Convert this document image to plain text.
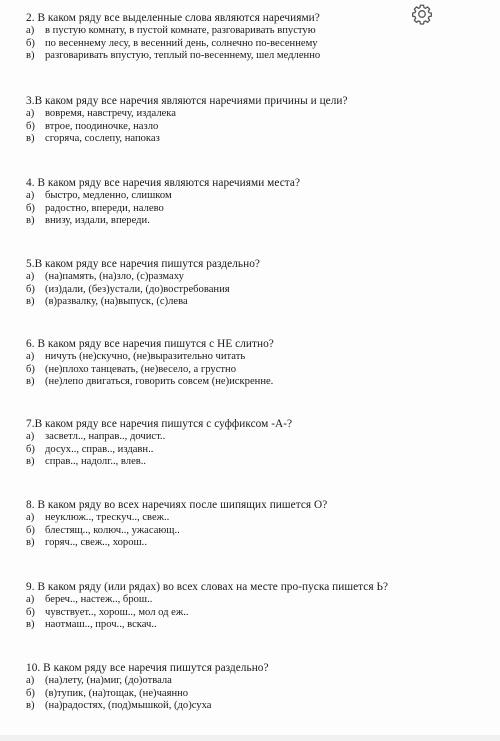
2. В каком ряду все выделенные слова являются наречиями?
а)	в пустую комнату, в пустой комнате, разговаривать впустую
б) по весеннему лесу, в весенний день, солнечно по-весеннему
в) разговаривать впустую, теплый по-весеннему, шел медленно
3.В каком ряду все наречия являются наречиями причины и цели?
а)	вовремя, навстречу, издалека
б) втрое, поодиночке, назло
в) сгоряча, сослепу, напоказ
4. В каком ряду все наречия являются наречиями места?
а)	быстро, медленно, слишком
б) радостно, впереди, налево
в) внизу, издали, впереди.
5.В каком ряду все наречия пишутся раздельно?
а)	(на)память, (на)зло, (с)размаху
б) (из)дали, (без)устали, (до)востребования
в) (в)развалку, (на)выпуск, (с)лева
6. В каком ряду все наречия пишутся с НЕ слитно?
а)	ничуть (не)скучно, (не)выразительно читать
б) (не)плохо танцевать, (не)весело, а грустно
в) (не)лепо двигаться, говорить совсем (не)искренне.
7.В каком ряду все наречия пишутся с суффиксом -А-?
а)	засветл.., направ.., дочист..
б) досух.., справ.., издавн..
в) справ.., надолг.., влев..
8. В каком ряду во всех наречиях после шипящих пишется О?
а)	неуклюж.., трескуч.., свеж..
б) блестящ.., колюч.., ужасающ..
в) горяч.., свеж.., хорош..
9. В каком ряду (или рядах) во всех словах на месте про-пуска пишется Ь?
а)	береч.., настеж.., брош..
б) чувствует.., хорош.., мол од еж..
в) наотмаш.., проч.., вскач..
10. В каком ряду все наречия пишутся раздельно?
а)	(на)лету, (на)миг, (до)отвала
б) (в)тупик, (на)тощак, (не)чаянно
в) (на)радостях, (под)мышкой, (до)суха
